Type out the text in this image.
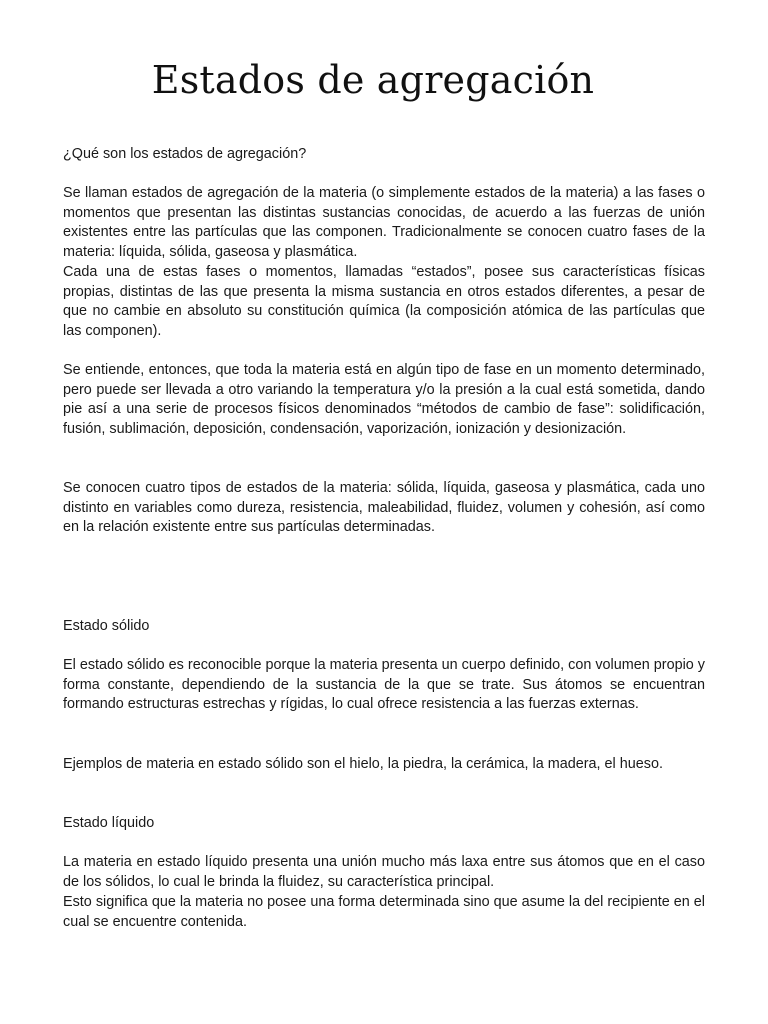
Estados de agregación

¿Qué son los estados de agregación?

Se llaman estados de agregación de la materia (o simplemente estados de la materia) a las fases o momentos que presentan las distintas sustancias conocidas, de acuerdo a las fuerzas de unión existentes entre las partículas que las componen. Tradicionalmente se conocen cuatro fases de la materia: líquida, sólida, gaseosa y plasmática.

Cada una de estas fases o momentos, llamadas “estados”, posee sus características físicas propias, distintas de las que presenta la misma sustancia en otros estados diferentes, a pesar de que no cambie en absoluto su constitución química (la composición atómica de las partículas que las componen).

Se entiende, entonces, que toda la materia está en algún tipo de fase en un momento determinado, pero puede ser llevada a otro variando la temperatura y/o la presión a la cual está sometida, dando pie así a una serie de procesos físicos denominados “métodos de cambio de fase”: solidificación, fusión, sublimación, deposición, condensación, vaporización, ionización y desionización.

Se conocen cuatro tipos de estados de la materia: sólida, líquida, gaseosa y plasmática, cada uno distinto en variables como dureza, resistencia, maleabilidad, fluidez, volumen y cohesión, así como en la relación existente entre sus partículas determinadas.

Estado sólido

El estado sólido es reconocible porque la materia presenta un cuerpo definido, con volumen propio y forma constante, dependiendo de la sustancia de la que se trate. Sus átomos se encuentran formando estructuras estrechas y rígidas, lo cual ofrece resistencia a las fuerzas externas.

Ejemplos de materia en estado sólido son el hielo, la piedra, la cerámica, la madera, el hueso.

Estado líquido

La materia en estado líquido presenta una unión mucho más laxa entre sus átomos que en el caso de los sólidos, lo cual le brinda la fluidez, su característica principal.

Esto significa que la materia no posee una forma determinada sino que asume la del recipiente en el cual se encuentre contenida.
